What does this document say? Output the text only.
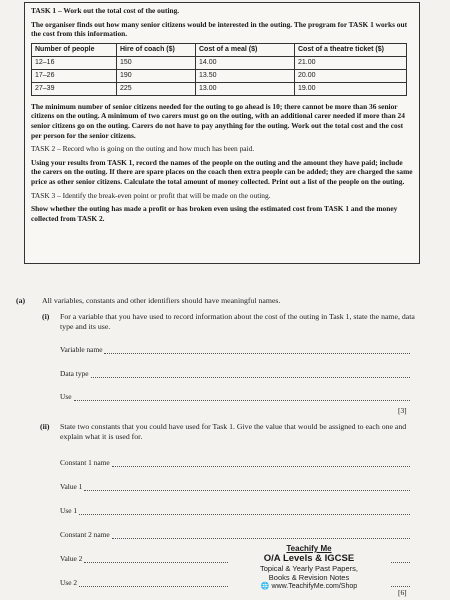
TASK 1 – Work out the total cost of the outing.

The organiser finds out how many senior citizens would be interested in the outing. The program for TASK 1 works out the cost from this information.

Number of people	Hire of coach ($)	Cost of a meal ($)	Cost of a theatre ticket ($)
12–16	150	14.00	21.00
17–26	190	13.50	20.00
27–39	225	13.00	19.00

The minimum number of senior citizens needed for the outing to go ahead is 10; there cannot be more than 36 senior citizens on the outing. A minimum of two carers must go on the outing, with an additional carer needed if more than 24 senior citizens go on the outing. Carers do not have to pay anything for the outing. Work out the total cost and the cost per person for the senior citizens.

TASK 2 – Record who is going on the outing and how much has been paid.

Using your results from TASK 1, record the names of the people on the outing and the amount they have paid; include the carers on the outing. If there are spare places on the coach then extra people can be added; they are charged the same price as other senior citizens. Calculate the total amount of money collected. Print out a list of the people on the outing.

TASK 3 – Identify the break-even point or profit that will be made on the outing.

Show whether the outing has made a profit or has broken even using the estimated cost from TASK 1 and the money collected from TASK 2.

(a) All variables, constants and other identifiers should have meaningful names.
(i) For a variable that you have used to record information about the cost of the outing in Task 1, state the name, data type and its use.
Variable name
Data type
Use
[3]
(ii) State two constants that you could have used for Task 1. Give the value that would be assigned to each one and explain what it is used for.
Constant 1 name
Value 1
Use 1
Constant 2 name
Value 2
Use 2
[6]
Teachify Me
O/A Levels & IGCSE
Topical & Yearly Past Papers,
Books & Revision Notes
🌐 www.TeachifyMe.com/Shop
